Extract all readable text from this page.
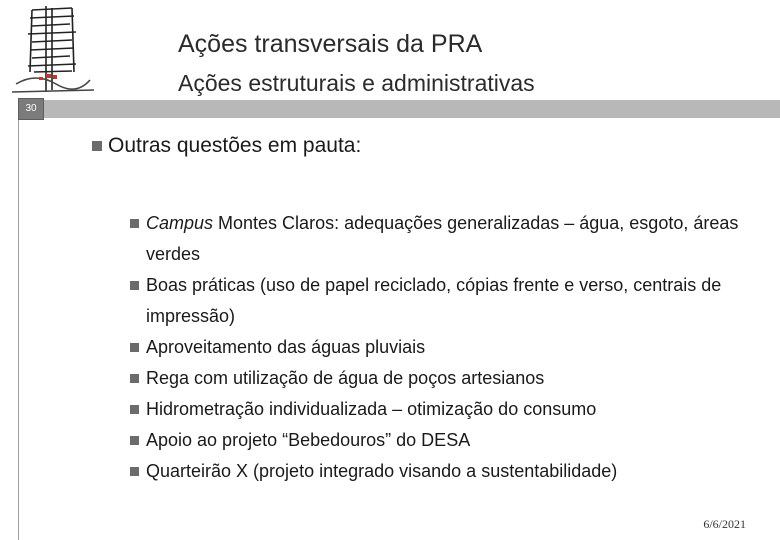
Ações transversais da PRA
Ações estruturais e administrativas
30
Outras questões em pauta:
Campus Montes Claros: adequações generalizadas – água, esgoto, áreas verdes
Boas práticas (uso de papel reciclado, cópias frente e verso, centrais de impressão)
Aproveitamento das águas pluviais
Rega com utilização de água de poços artesianos
Hidrometração individualizada – otimização do consumo
Apoio ao projeto “Bebedouros” do DESA
Quarteirão X (projeto integrado visando a sustentabilidade)
6/6/2021
